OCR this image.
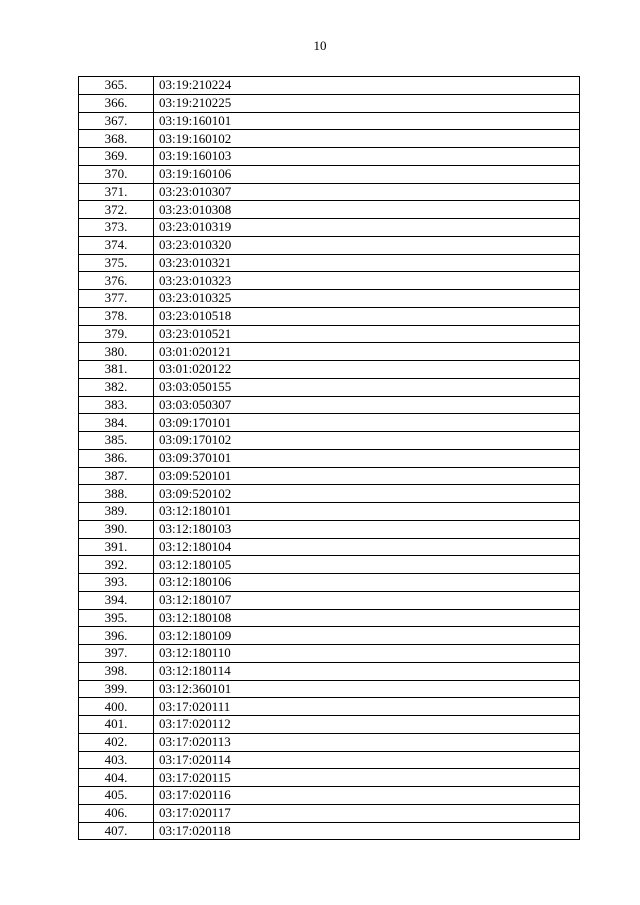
10
365.	03:19:210224
366.	03:19:210225
367.	03:19:160101
368.	03:19:160102
369.	03:19:160103
370.	03:19:160106
371.	03:23:010307
372.	03:23:010308
373.	03:23:010319
374.	03:23:010320
375.	03:23:010321
376.	03:23:010323
377.	03:23:010325
378.	03:23:010518
379.	03:23:010521
380.	03:01:020121
381.	03:01:020122
382.	03:03:050155
383.	03:03:050307
384.	03:09:170101
385.	03:09:170102
386.	03:09:370101
387.	03:09:520101
388.	03:09:520102
389.	03:12:180101
390.	03:12:180103
391.	03:12:180104
392.	03:12:180105
393.	03:12:180106
394.	03:12:180107
395.	03:12:180108
396.	03:12:180109
397.	03:12:180110
398.	03:12:180114
399.	03:12:360101
400.	03:17:020111
401.	03:17:020112
402.	03:17:020113
403.	03:17:020114
404.	03:17:020115
405.	03:17:020116
406.	03:17:020117
407.	03:17:020118
